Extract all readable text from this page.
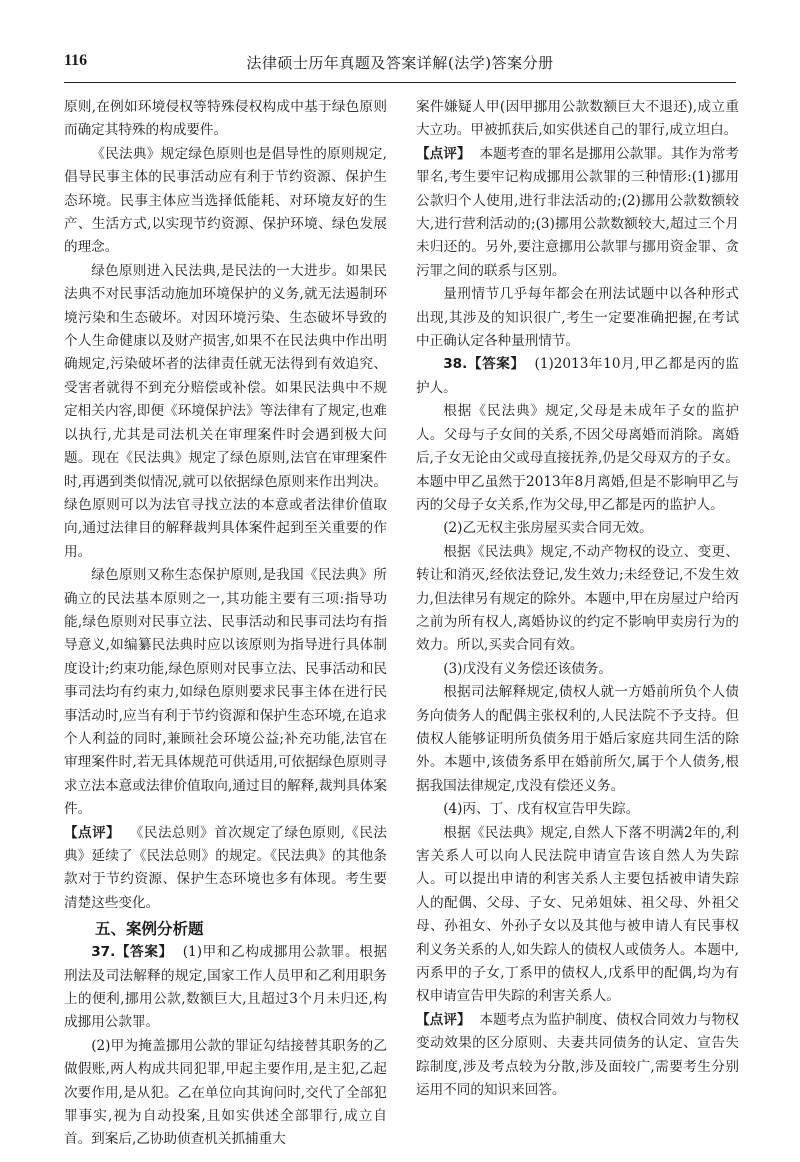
116	法律硕士历年真题及答案详解(法学)答案分册

原则,在例如环境侵权等特殊侵权构成中基于绿色原则而确定其特殊的构成要件。

《民法典》规定绿色原则也是倡导性的原则规定,倡导民事主体的民事活动应有利于节约资源、保护生态环境。民事主体应当选择低能耗、对环境友好的生产、生活方式,以实现节约资源、保护环境、绿色发展的理念。

绿色原则进入民法典,是民法的一大进步。如果民法典不对民事活动施加环境保护的义务,就无法遏制环境污染和生态破坏。对因环境污染、生态破坏导致的个人生命健康以及财产损害,如果不在民法典中作出明确规定,污染破坏者的法律责任就无法得到有效追究、受害者就得不到充分赔偿或补偿。如果民法典中不规定相关内容,即便《环境保护法》等法律有了规定,也难以执行,尤其是司法机关在审理案件时会遇到极大问题。现在《民法典》规定了绿色原则,法官在审理案件时,再遇到类似情况,就可以依据绿色原则来作出判决。绿色原则可以为法官寻找立法的本意或者法律价值取向,通过法律目的解释裁判具体案件起到至关重要的作用。

绿色原则又称生态保护原则,是我国《民法典》所确立的民法基本原则之一,其功能主要有三项:指导功能,绿色原则对民事立法、民事活动和民事司法均有指导意义,如编纂民法典时应以该原则为指导进行具体制度设计;约束功能,绿色原则对民事立法、民事活动和民事司法均有约束力,如绿色原则要求民事主体在进行民事活动时,应当有利于节约资源和保护生态环境,在追求个人利益的同时,兼顾社会环境公益;补充功能,法官在审理案件时,若无具体规范可供适用,可依据绿色原则寻求立法本意或法律价值取向,通过目的解释,裁判具体案件。

【点评】 《民法总则》首次规定了绿色原则,《民法典》延续了《民法总则》的规定。《民法典》的其他条款对于节约资源、保护生态环境也多有体现。考生要清楚这些变化。

五、案例分析题

37.【答案】 (1)甲和乙构成挪用公款罪。根据刑法及司法解释的规定,国家工作人员甲和乙利用职务上的便利,挪用公款,数额巨大,且超过3个月未归还,构成挪用公款罪。

(2)甲为掩盖挪用公款的罪证勾结接替其职务的乙做假账,两人构成共同犯罪,甲起主要作用,是主犯,乙起次要作用,是从犯。乙在单位向其询问时,交代了全部犯罪事实,视为自动投案,且如实供述全部罪行,成立自首。到案后,乙协助侦查机关抓捕重大

案件嫌疑人甲(因甲挪用公款数额巨大不退还),成立重大立功。甲被抓获后,如实供述自己的罪行,成立坦白。

【点评】 本题考查的罪名是挪用公款罪。其作为常考罪名,考生要牢记构成挪用公款罪的三种情形:(1)挪用公款归个人使用,进行非法活动的;(2)挪用公款数额较大,进行营利活动的;(3)挪用公款数额较大,超过三个月未归还的。另外,要注意挪用公款罪与挪用资金罪、贪污罪之间的联系与区别。

量刑情节几乎每年都会在刑法试题中以各种形式出现,其涉及的知识很广,考生一定要准确把握,在考试中正确认定各种量刑情节。

38.【答案】 (1)2013年10月,甲乙都是丙的监护人。

根据《民法典》规定,父母是未成年子女的监护人。父母与子女间的关系,不因父母离婚而消除。离婚后,子女无论由父或母直接抚养,仍是父母双方的子女。本题中甲乙虽然于2013年8月离婚,但是不影响甲乙与丙的父母子女关系,作为父母,甲乙都是丙的监护人。

(2)乙无权主张房屋买卖合同无效。

根据《民法典》规定,不动产物权的设立、变更、转让和消灭,经依法登记,发生效力;未经登记,不发生效力,但法律另有规定的除外。本题中,甲在房屋过户给丙之前为所有权人,离婚协议的约定不影响甲卖房行为的效力。所以,买卖合同有效。

(3)戊没有义务偿还该债务。

根据司法解释规定,债权人就一方婚前所负个人债务向债务人的配偶主张权利的,人民法院不予支持。但债权人能够证明所负债务用于婚后家庭共同生活的除外。本题中,该债务系甲在婚前所欠,属于个人债务,根据我国法律规定,戊没有偿还义务。

(4)丙、丁、戊有权宣告甲失踪。

根据《民法典》规定,自然人下落不明满2年的,利害关系人可以向人民法院申请宣告该自然人为失踪人。可以提出申请的利害关系人主要包括被申请失踪人的配偶、父母、子女、兄弟姐妹、祖父母、外祖父母、孙祖女、外孙子女以及其他与被申请人有民事权利义务关系的人,如失踪人的债权人或债务人。本题中,丙系甲的子女,丁系甲的债权人,戊系甲的配偶,均为有权申请宣告甲失踪的利害关系人。

【点评】 本题考点为监护制度、债权合同效力与物权变动效果的区分原则、夫妻共同债务的认定、宣告失踪制度,涉及考点较为分散,涉及面较广,需要考生分别运用不同的知识来回答。
